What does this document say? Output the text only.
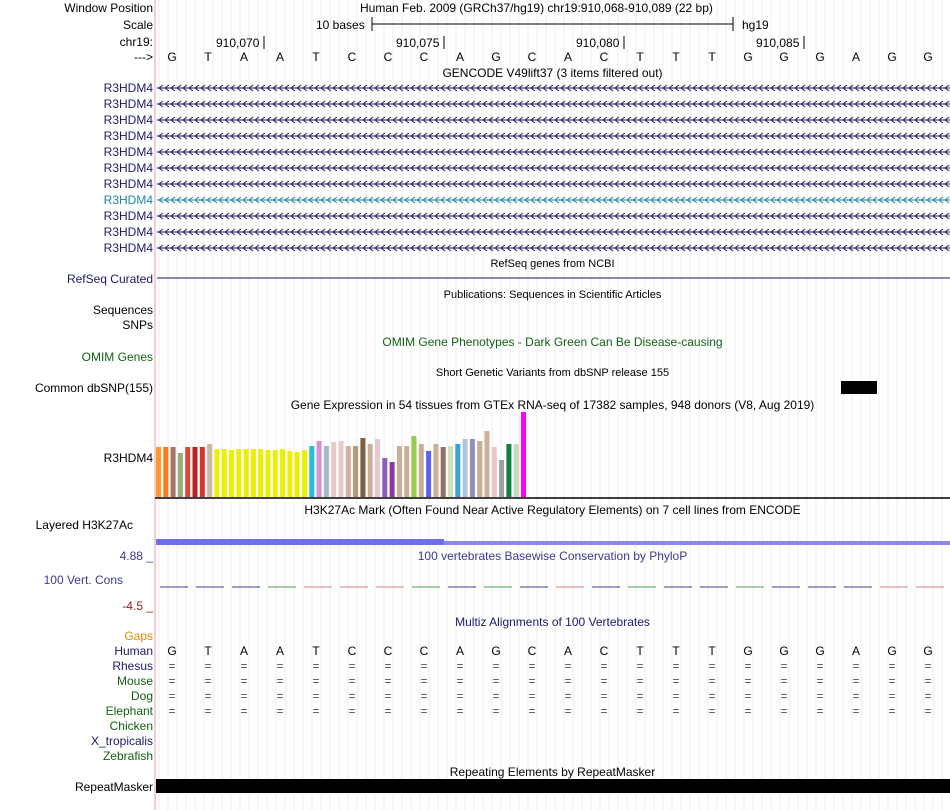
Window Position
Scale
chr19:
--->
Human Feb. 2009 (GRCh37/hg19) chr19:910,068-910,089 (22 bp)
10 bases	hg19
910,070	910,075	910,080	910,085
GENCODE V49lift37 (3 items filtered out)
RefSeq genes from NCBI
RefSeq Curated
Publications: Sequences in Scientific Articles
Sequences
SNPs
OMIM Gene Phenotypes - Dark Green Can Be Disease-causing
OMIM Genes
Short Genetic Variants from dbSNP release 155
Common dbSNP(155)
Gene Expression in 54 tissues from GTEx RNA-seq of 17382 samples, 948 donors (V8, Aug 2019)
R3HDM4
H3K27Ac Mark (Often Found Near Active Regulatory Elements) on 7 cell lines from ENCODE
Layered H3K27Ac
100 vertebrates Basewise Conservation by PhyloP
4.88 _
100 Vert. Cons
-4.5 _
Multiz Alignments of 100 Vertebrates
Gaps
Repeating Elements by RepeatMasker
RepeatMasker
G	T	A	A	T	C	C	C	A	G	C	A	C	T	T	T	G	G	G	A	G	G
R3HDM4
R3HDM4
R3HDM4
R3HDM4
R3HDM4
R3HDM4
R3HDM4
R3HDM4
R3HDM4
R3HDM4
R3HDM4
Human	G	T	A	A	T	C	C	C	A	G	C	A	C	T	T	T	G	G	G	A	G	G
Rhesus	=	=	=	=	=	=	=	=	=	=	=	=	=	=	=	=	=	=	=	=	=	=
Mouse	=	=	=	=	=	=	=	=	=	=	=	=	=	=	=	=	=	=	=	=	=	=
Dog	=	=	=	=	=	=	=	=	=	=	=	=	=	=	=	=	=	=	=	=	=	=
Elephant	=	=	=	=	=	=	=	=	=	=	=	=	=	=	=	=	=	=	=	=	=	=
Chicken
X_tropicalis
Zebrafish
